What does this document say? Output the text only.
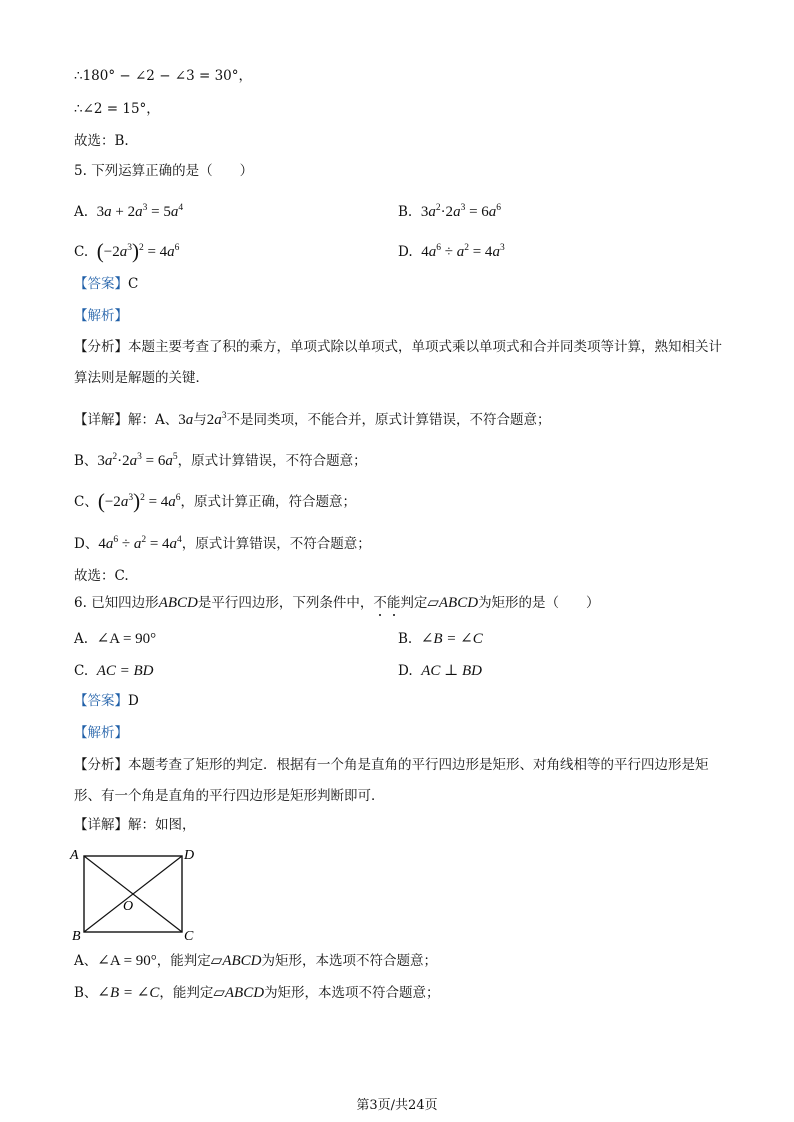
∴180° − ∠2 − ∠3 = 30°，
∴∠2 = 15°，
故选：B.
5. 下列运算正确的是（　　）
A. $3a + 2a^3 = 5a^4$	B. $3a^2\cdot 2a^3 = 6a^6$
C. $(-2a^3)^2 = 4a^6$	D. $4a^6 \div a^2 = 4a^3$
【答案】C
【解析】
【分析】本题主要考查了积的乘方，单项式除以单项式，单项式乘以单项式和合并同类项等计算，熟知相关计算法则是解题的关键．
【详解】解：A、3a与$2a^3$不是同类项，不能合并，原式计算错误，不符合题意；
B、$3a^2\cdot 2a^3 = 6a^5$，原式计算错误，不符合题意；
C、$(-2a^3)^2 = 4a^6$，原式计算正确，符合题意；
D、$4a^6 \div a^2 = 4a^4$，原式计算错误，不符合题意；
故选：C.
6. 已知四边形ABCD是平行四边形，下列条件中，不能判定▱ABCD为矩形的是（　　）
A. ∠A = 90°	B. ∠B = ∠C
C. AC = BD	D. AC ⊥ BD
【答案】D
【解析】
【分析】本题考查了矩形的判定．根据有一个角是直角的平行四边形是矩形、对角线相等的平行四边形是矩形、有一个角是直角的平行四边形是矩形判断即可．
【详解】解：如图，
A	D
B	C
O
A、∠A = 90°，能判定▱ABCD为矩形，本选项不符合题意；
B、∠B = ∠C，能判定▱ABCD为矩形，本选项不符合题意；
第3页/共24页
